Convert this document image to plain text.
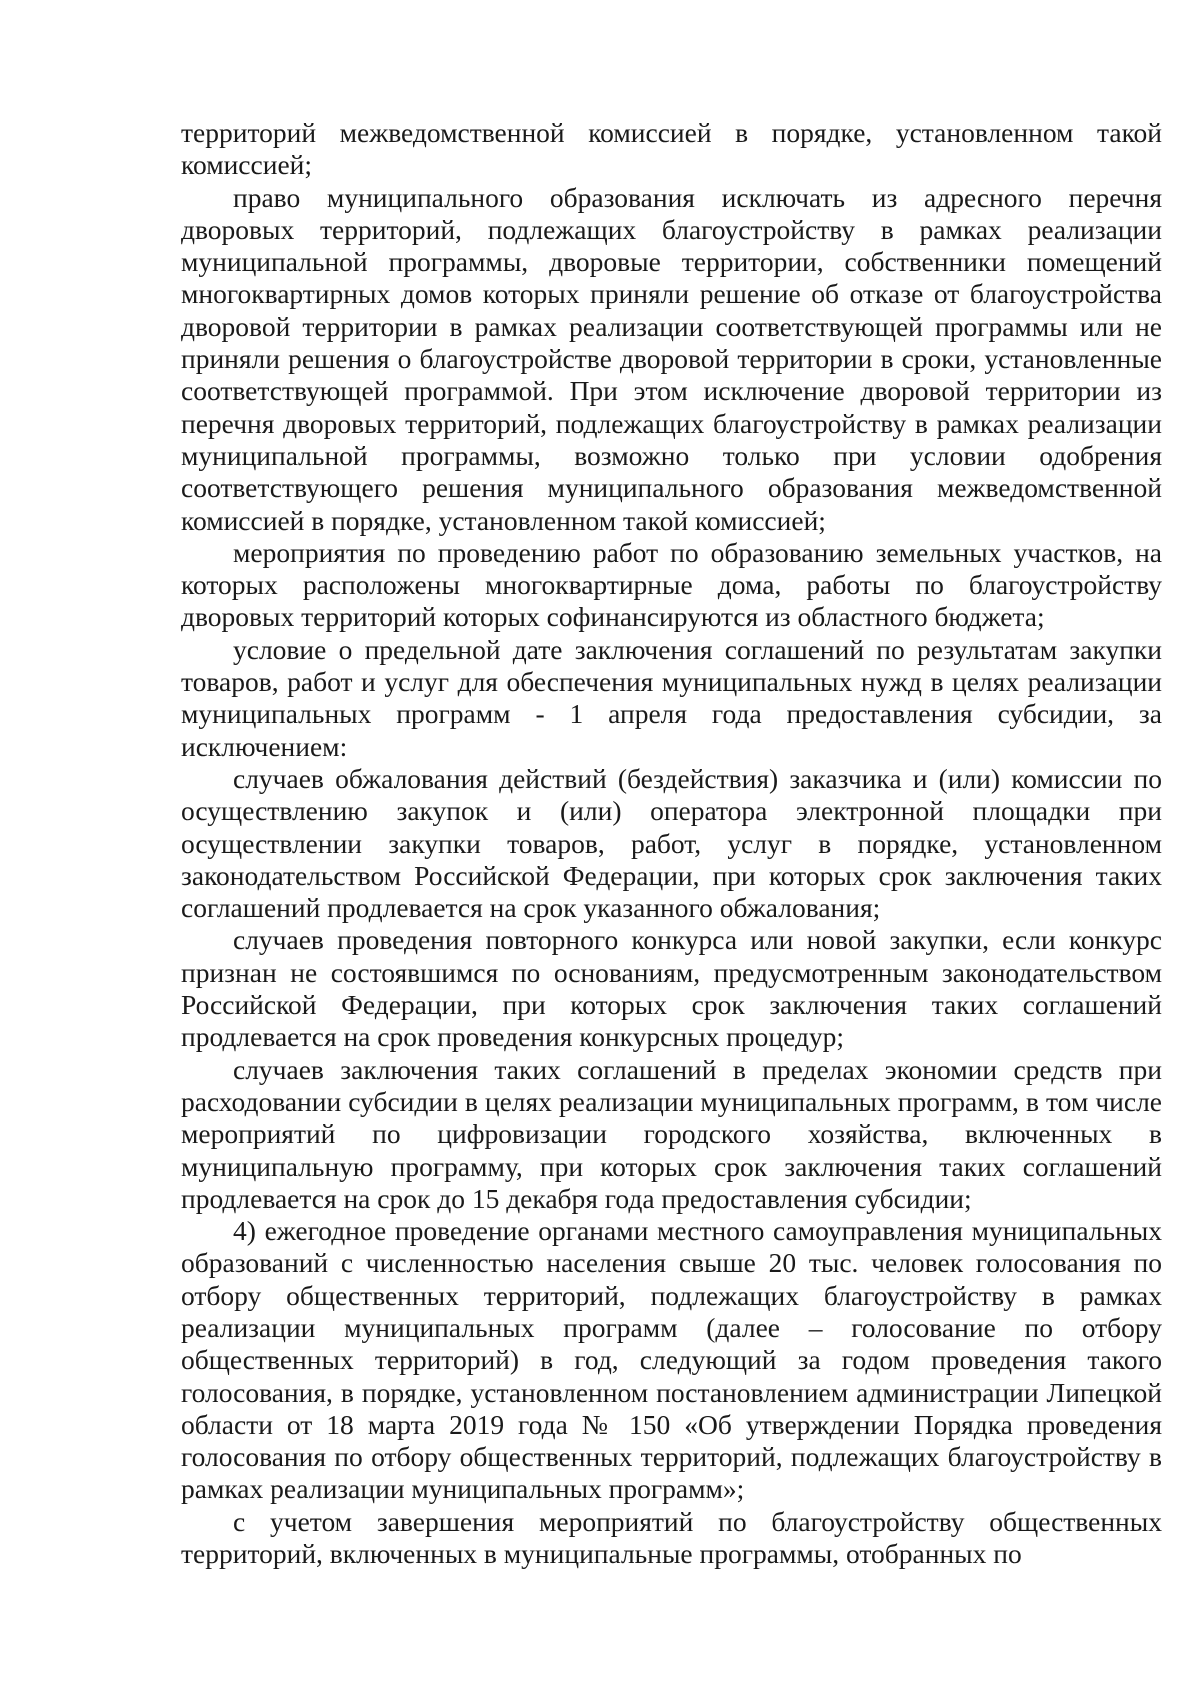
территорий межведомственной комиссией в порядке, установленном такой комиссией;

право муниципального образования исключать из адресного перечня дворовых территорий, подлежащих благоустройству в рамках реализации муниципальной программы, дворовые территории, собственники помещений многоквартирных домов которых приняли решение об отказе от благоустройства дворовой территории в рамках реализации соответствующей программы или не приняли решения о благоустройстве дворовой территории в сроки, установленные соответствующей программой. При этом исключение дворовой территории из перечня дворовых территорий, подлежащих благоустройству в рамках реализации муниципальной программы, возможно только при условии одобрения соответствующего решения муниципального образования межведомственной комиссией в порядке, установленном такой комиссией;

мероприятия по проведению работ по образованию земельных участков, на которых расположены многоквартирные дома, работы по благоустройству дворовых территорий которых софинансируются из областного бюджета;

условие о предельной дате заключения соглашений по результатам закупки товаров, работ и услуг для обеспечения муниципальных нужд в целях реализации муниципальных программ - 1 апреля года предоставления субсидии, за исключением:

случаев обжалования действий (бездействия) заказчика и (или) комиссии по осуществлению закупок и (или) оператора электронной площадки при осуществлении закупки товаров, работ, услуг в порядке, установленном законодательством Российской Федерации, при которых срок заключения таких соглашений продлевается на срок указанного обжалования;

случаев проведения повторного конкурса или новой закупки, если конкурс признан не состоявшимся по основаниям, предусмотренным законодательством Российской Федерации, при которых срок заключения таких соглашений продлевается на срок проведения конкурсных процедур;

случаев заключения таких соглашений в пределах экономии средств при расходовании субсидии в целях реализации муниципальных программ, в том числе мероприятий по цифровизации городского хозяйства, включенных в муниципальную программу, при которых срок заключения таких соглашений продлевается на срок до 15 декабря года предоставления субсидии;

4) ежегодное проведение органами местного самоуправления муниципальных образований с численностью населения свыше 20 тыс. человек голосования по отбору общественных территорий, подлежащих благоустройству в рамках реализации муниципальных программ (далее – голосование по отбору общественных территорий) в год, следующий за годом проведения такого голосования, в порядке, установленном постановлением администрации Липецкой области от 18 марта 2019 года № 150 «Об утверждении Порядка проведения голосования по отбору общественных территорий, подлежащих благоустройству в рамках реализации муниципальных программ»;

с учетом завершения мероприятий по благоустройству общественных территорий, включенных в муниципальные программы, отобранных по
